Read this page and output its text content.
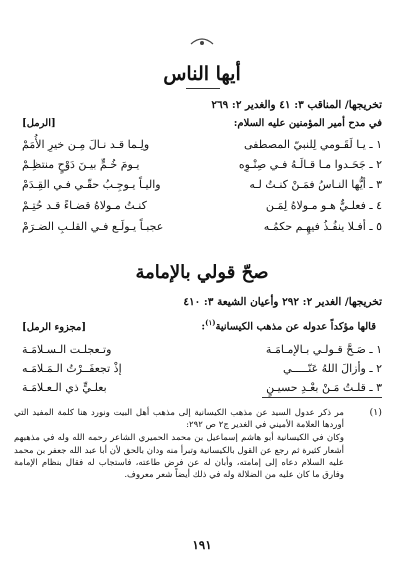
أيها الناس
تخريجها/ المناقب ٣: ٤١ والغدير ٢: ٢٦٩
في مدح أمير المؤمنين عليه السلام:
[الرمل]
١ ـ يـا لَقَـومي لِلنبيّ المصطفى
ولِـما قـد نـالَ مِـن خيرِ الأُمَمْ
٢ ـ جَحَـدوا مـا قـالَـهُ فـي صِنْـوِه
يـومَ خُـمٍّ بيـنَ دَوْحٍ منتظِـمْ
٣ ـ أيُّها النـاسُ فمَـنْ كنـتُ لـه
واليـاً يـوجِـبُ حقّـي فـي القِـدَمْ
٤ ـ فعلـيٌّ هـو مـولاهُ لِمَـن
كنـتُ مـولاهُ قضـاءً قـد حُتِـمْ
٥ ـ أفـلا ينفُـذُ فيهِـم حكمُـه
عجبـاً يـولَـع فـي القلـبِ الضـرَمْ
صحّ قولي بالإمامة
تخريجها/ الغدير ٢: ٢٩٢ وأعيان الشيعة ٣: ٤١٠
قالها مؤكداً عدوله عن مذهب الكيسانية$^{(١)}$:
[مجزوء الرمل]
١ ـ صَـحَّ قـولـي بـالإمـامَـة
وتـعجلـت الـسـلامَـة
٢ ـ وأزالَ اللهُ عَنّـــــي
إذْ تجعفَــرْتُ الـمَـلامَـه
٣ ـ قلـتُ مَـنْ بعْـدِ حسيـنٍ
بعلـيٍّ ذي الـعـلامَـة
(١)

مر ذكر عدول السيد عن مذهب الكيسانية إلى مذهب أهل البيت ونورد هنا كلمة المفيد التي أوردها العلامة الأميني في الغدير ج٢ ص ٢٩٢:

وكان في الكيسانية أبو هاشم إسماعيل بن محمد الحميري الشاعر رحمه الله وله في مذهبهم أشعار كثيرة ثم رجع عن القول بالكيسانية وتبرأ منه ودان بالحق لأن أبا عبد الله جعفر بن محمد عليه السلام دعاه إلى إمامته، وأبان له عن فرض طاعته، فاستجاب له فقال بنظام الإمامة وفارق ما كان عليه من الضلالة وله في ذلك أيضاً شعر معروف.

١٩١
